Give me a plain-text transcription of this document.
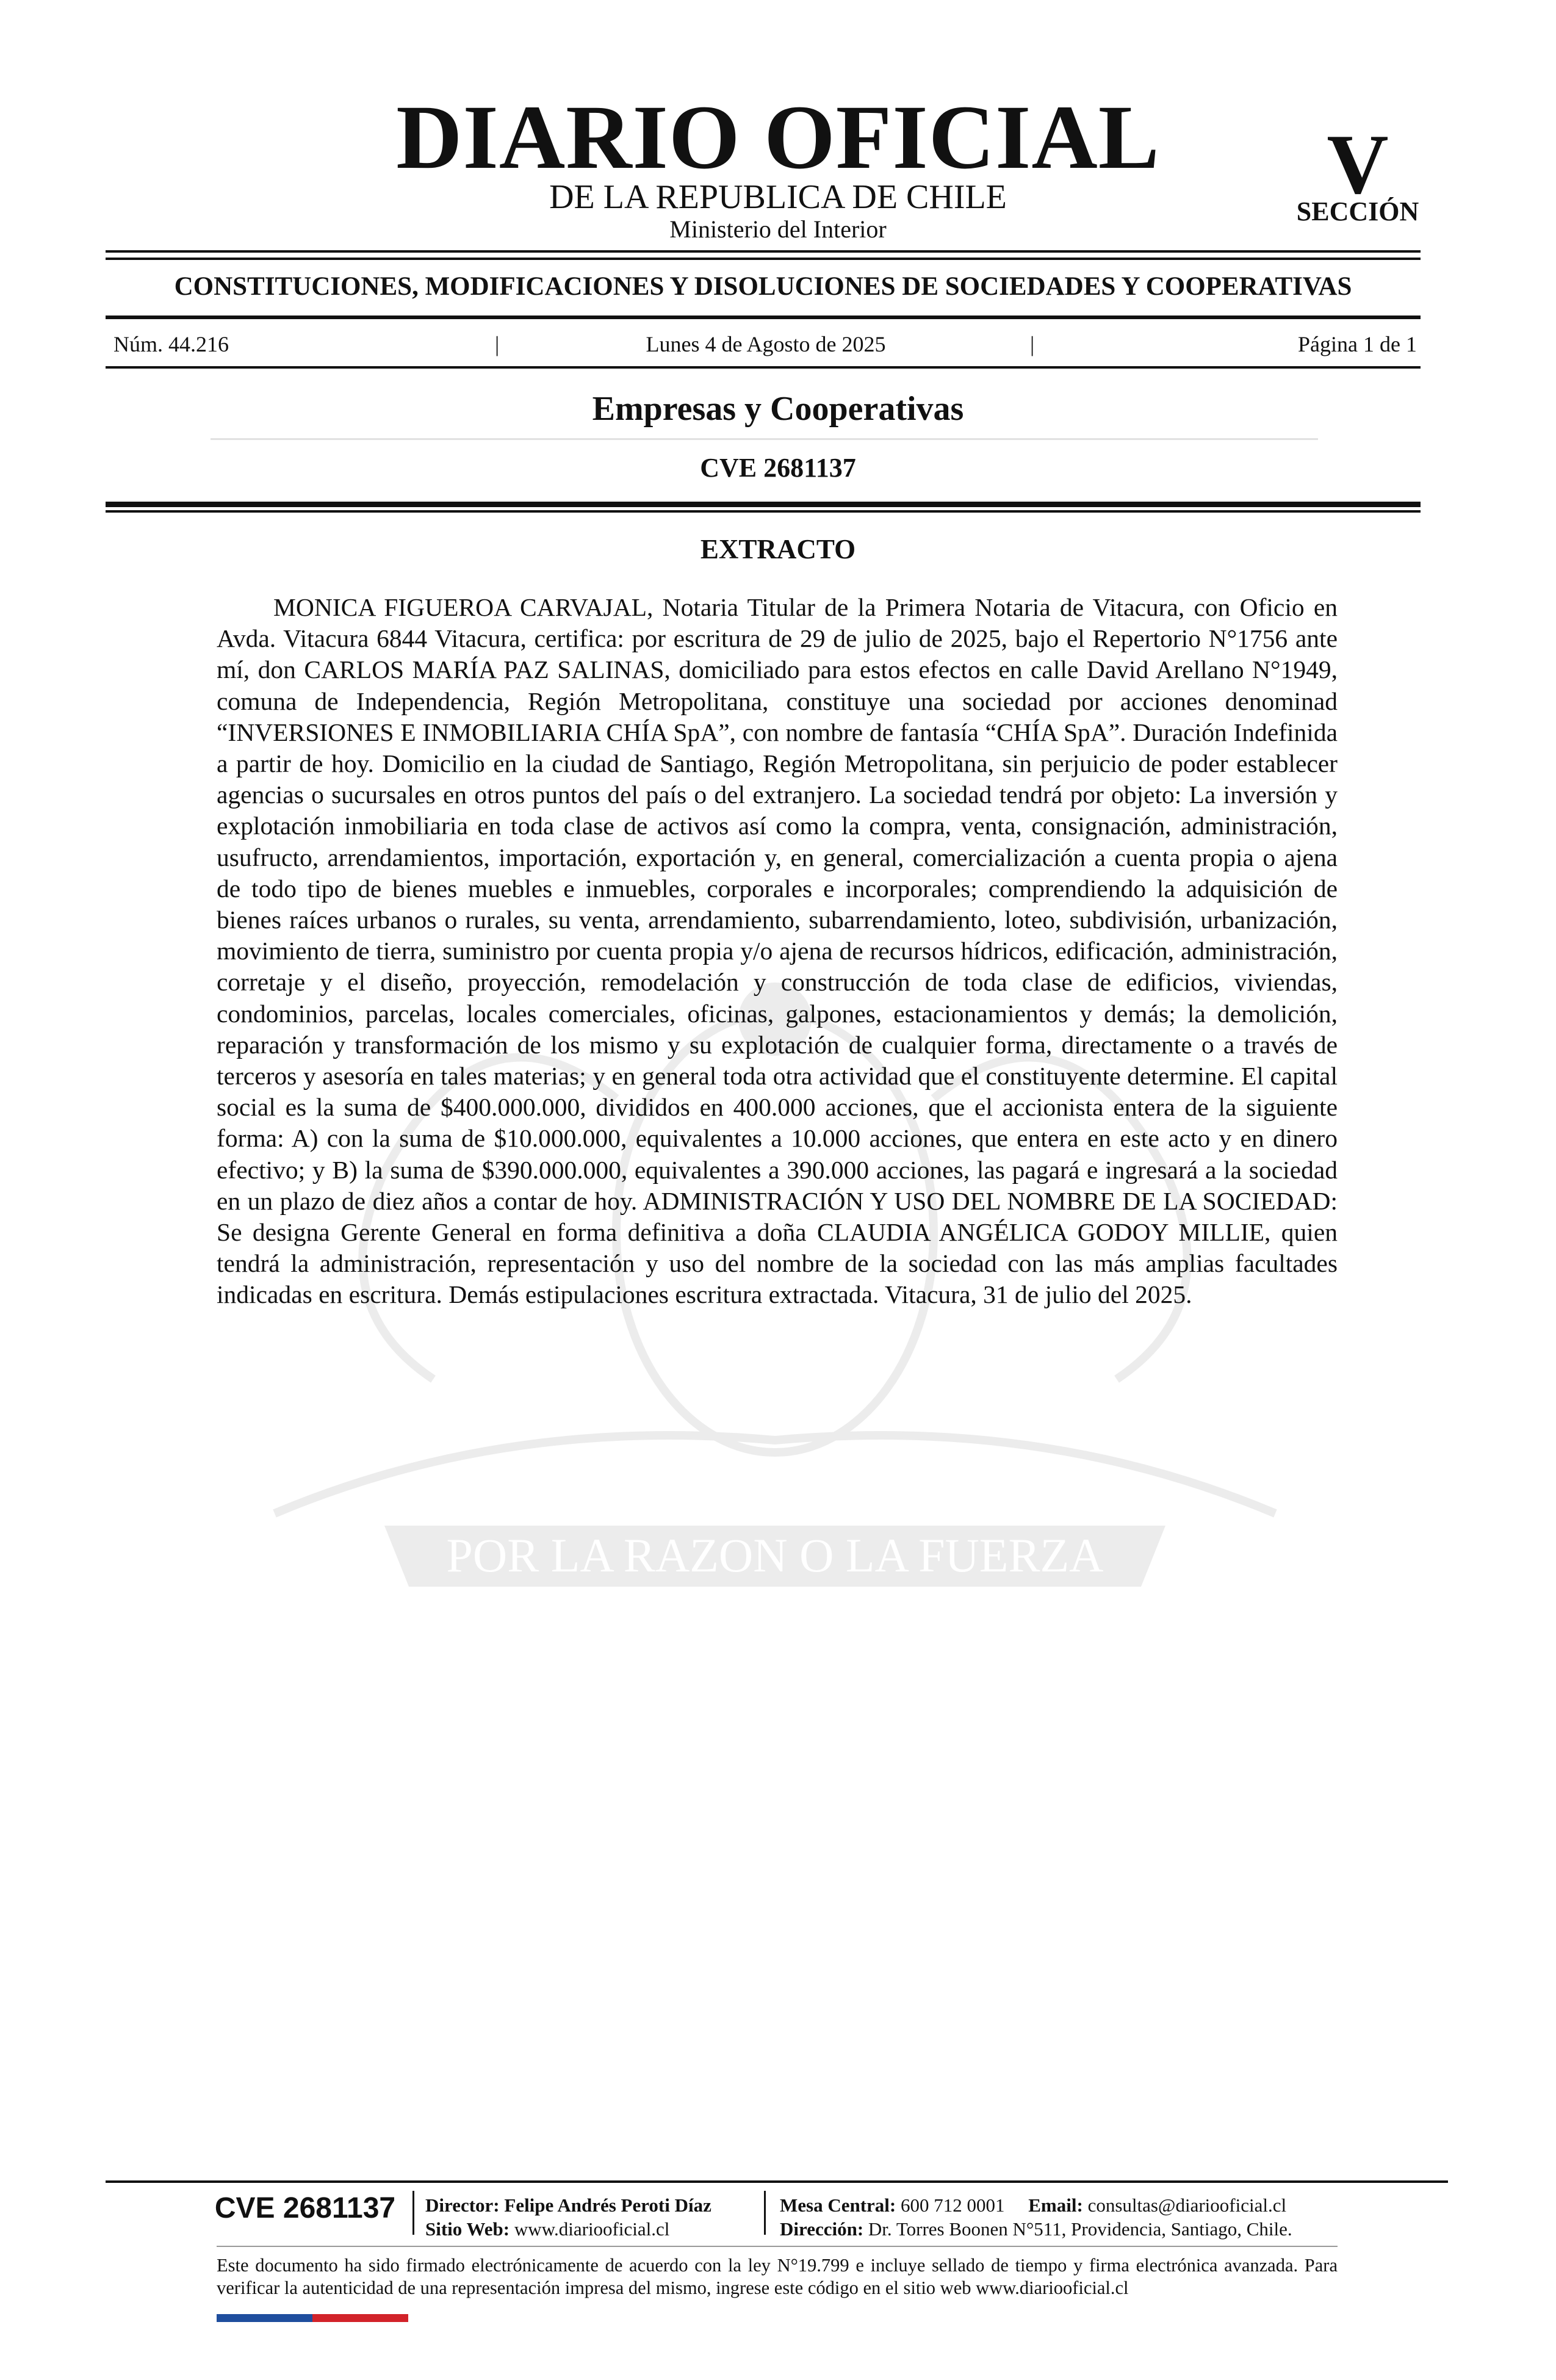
POR LA RAZON O LA FUERZA
DIARIO OFICIAL
DE LA REPUBLICA DE CHILE
Ministerio del Interior
V
SECCIÓN
CONSTITUCIONES, MODIFICACIONES Y DISOLUCIONES DE SOCIEDADES Y COOPERATIVAS
Núm. 44.216	|	Lunes 4 de Agosto de 2025	|	Página 1 de 1
Empresas y Cooperativas
CVE 2681137
EXTRACTO

MONICA FIGUEROA CARVAJAL, Notaria Titular de la Primera Notaria de Vitacura, con Oficio en Avda. Vitacura 6844 Vitacura, certifica: por escritura de 29 de julio de 2025, bajo el Repertorio N°1756 ante mí, don CARLOS MARÍA PAZ SALINAS, domiciliado para estos efectos en calle David Arellano N°1949, comuna de Independencia, Región Metropolitana, constituye una sociedad por acciones denominad “INVERSIONES E INMOBILIARIA CHÍA SpA”, con nombre de fantasía “CHÍA SpA”. Duración Indefinida a partir de hoy. Domicilio en la ciudad de Santiago, Región Metropolitana, sin perjuicio de poder establecer agencias o sucursales en otros puntos del país o del extranjero. La sociedad tendrá por objeto: La inversión y explotación inmobiliaria en toda clase de activos así como la compra, venta, consignación, administración, usufructo, arrendamientos, importación, exportación y, en general, comercialización a cuenta propia o ajena de todo tipo de bienes muebles e inmuebles, corporales e incorporales; comprendiendo la adquisición de bienes raíces urbanos o rurales, su venta, arrendamiento, subarrendamiento, loteo, subdivisión, urbanización, movimiento de tierra, suministro por cuenta propia y/o ajena de recursos hídricos, edificación, administración, corretaje y el diseño, proyección, remodelación y construcción de toda clase de edificios, viviendas, condominios, parcelas, locales comerciales, oficinas, galpones, estacionamientos y demás; la demolición, reparación y transformación de los mismo y su explotación de cualquier forma, directamente o a través de terceros y asesoría en tales materias; y en general toda otra actividad que el constituyente determine. El capital social es la suma de $400.000.000, divididos en 400.000 acciones, que el accionista entera de la siguiente forma: A) con la suma de $10.000.000, equivalentes a 10.000 acciones, que entera en este acto y en dinero efectivo; y B) la suma de $390.000.000, equivalentes a 390.000 acciones, las pagará e ingresará a la sociedad en un plazo de diez años a contar de hoy. ADMINISTRACIÓN Y USO DEL NOMBRE DE LA SOCIEDAD: Se designa Gerente General en forma definitiva a doña CLAUDIA ANGÉLICA GODOY MILLIE, quien tendrá la administración, representación y uso del nombre de la sociedad con las más amplias facultades indicadas en escritura. Demás estipulaciones escritura extractada. Vitacura, 31 de julio del 2025.

CVE 2681137	Director: Felipe Andrés Peroti Díaz
Sitio Web: www.diariooficial.cl
Mesa Central: 600 712 0001 Email: consultas@diariooficial.cl
Dirección: Dr. Torres Boonen N°511, Providencia, Santiago, Chile.

Este documento ha sido firmado electrónicamente de acuerdo con la ley N°19.799 e incluye sellado de tiempo y firma electrónica avanzada. Para verificar la autenticidad de una representación impresa del mismo, ingrese este código en el sitio web www.diariooficial.cl
